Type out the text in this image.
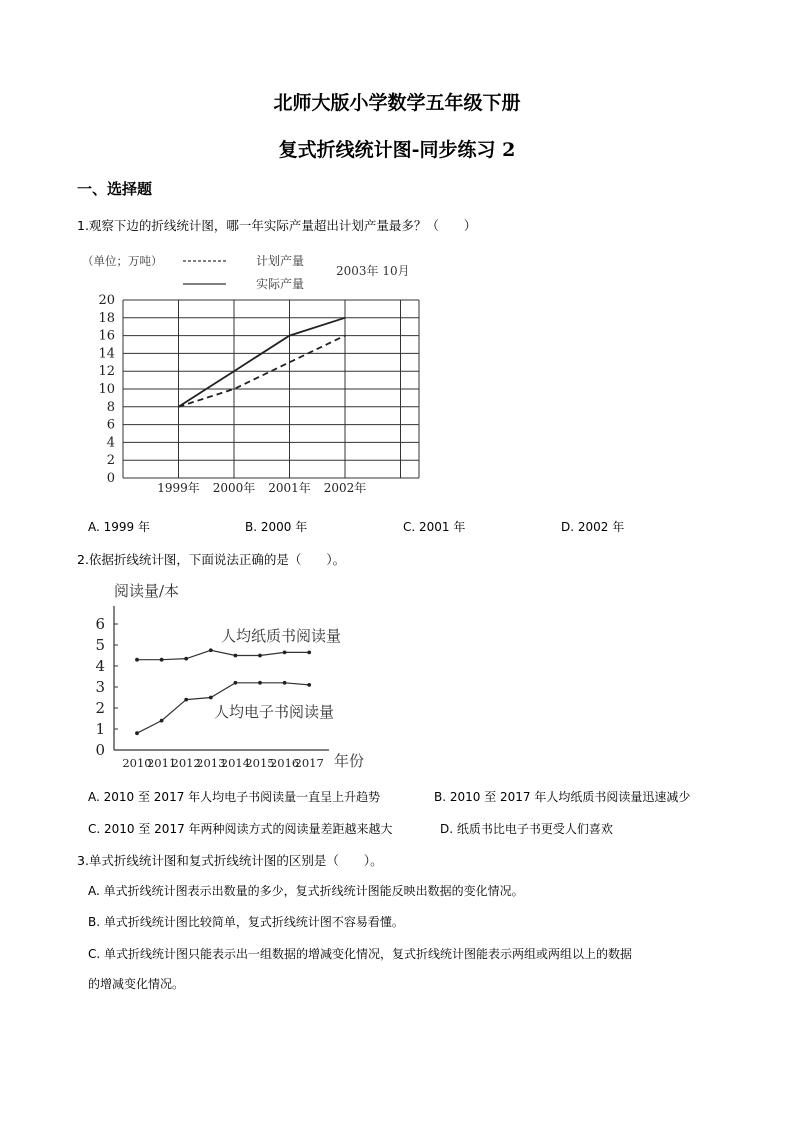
北师大版小学数学五年级下册
复式折线统计图-同步练习 2
一、选择题
1.观察下边的折线统计图，哪一年实际产量超出计划产量最多？（　　）
（单位；万吨）	计划产量
实际产量
2003年 10月
0
2
4
6
8
10
12
14
16
18
20
1999年 2000年 2001年 2002年
A. 1999 年	B. 2000 年	C. 2001 年	D. 2002 年
2.依据折线统计图，下面说法正确的是（　　）。
阅读量/本
年份
人均纸质书阅读量
人均电子书阅读量
0
1
2
3
4
5
6
2010
2011
2012
2013
2014
2015
2016
2017
A. 2010 至 2017 年人均电子书阅读量一直呈上升趋势	B. 2010 至 2017 年人均纸质书阅读量迅速减少
C. 2010 至 2017 年两种阅读方式的阅读量差距越来越大	D. 纸质书比电子书更受人们喜欢
3.单式折线统计图和复式折线统计图的区别是（　　）。
A. 单式折线统计图表示出数量的多少，复式折线统计图能反映出数据的变化情况。
B. 单式折线统计图比较简单，复式折线统计图不容易看懂。
C. 单式折线统计图只能表示出一组数据的增减变化情况，复式折线统计图能表示两组或两组以上的数据
的增减变化情况。
